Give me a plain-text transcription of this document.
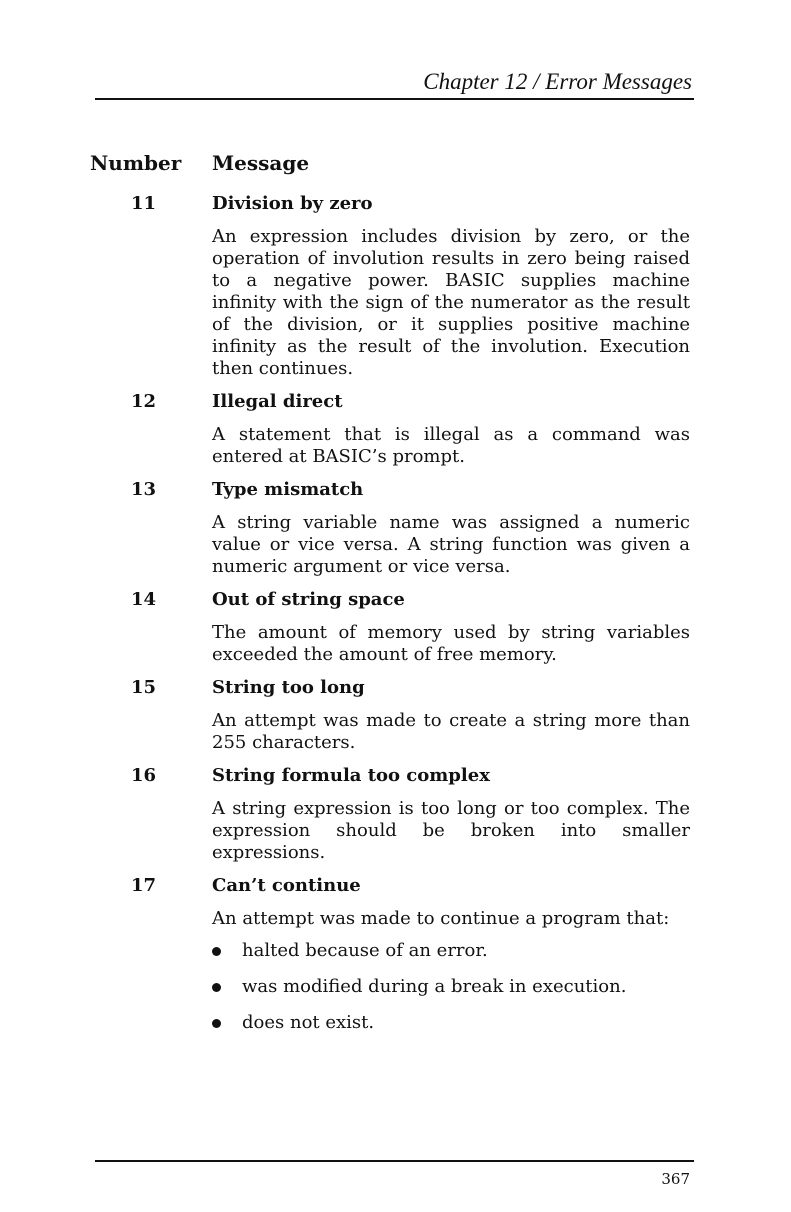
Chapter 12 / Error Messages
Number Message
11	Division by zero
An expression includes division by zero, or the operation of involution results in zero being raised to a negative power. BASIC supplies machine infinity with the sign of the numerator as the result of the division, or it supplies positive machine infinity as the result of the involution. Execution then continues.
12	Illegal direct
A statement that is illegal as a command was entered at BASIC’s prompt.
13	Type mismatch
A string variable name was assigned a numeric value or vice versa. A string function was given a numeric argument or vice versa.
14	Out of string space
The amount of memory used by string variables exceeded the amount of free memory.
15	String too long
An attempt was made to create a string more than 255 characters.
16	String formula too complex
A string expression is too long or too complex. The expression should be broken into smaller expressions.
17	Can’t continue
An attempt was made to continue a program that:
halted because of an error.
was modified during a break in execution.
does not exist.
367
